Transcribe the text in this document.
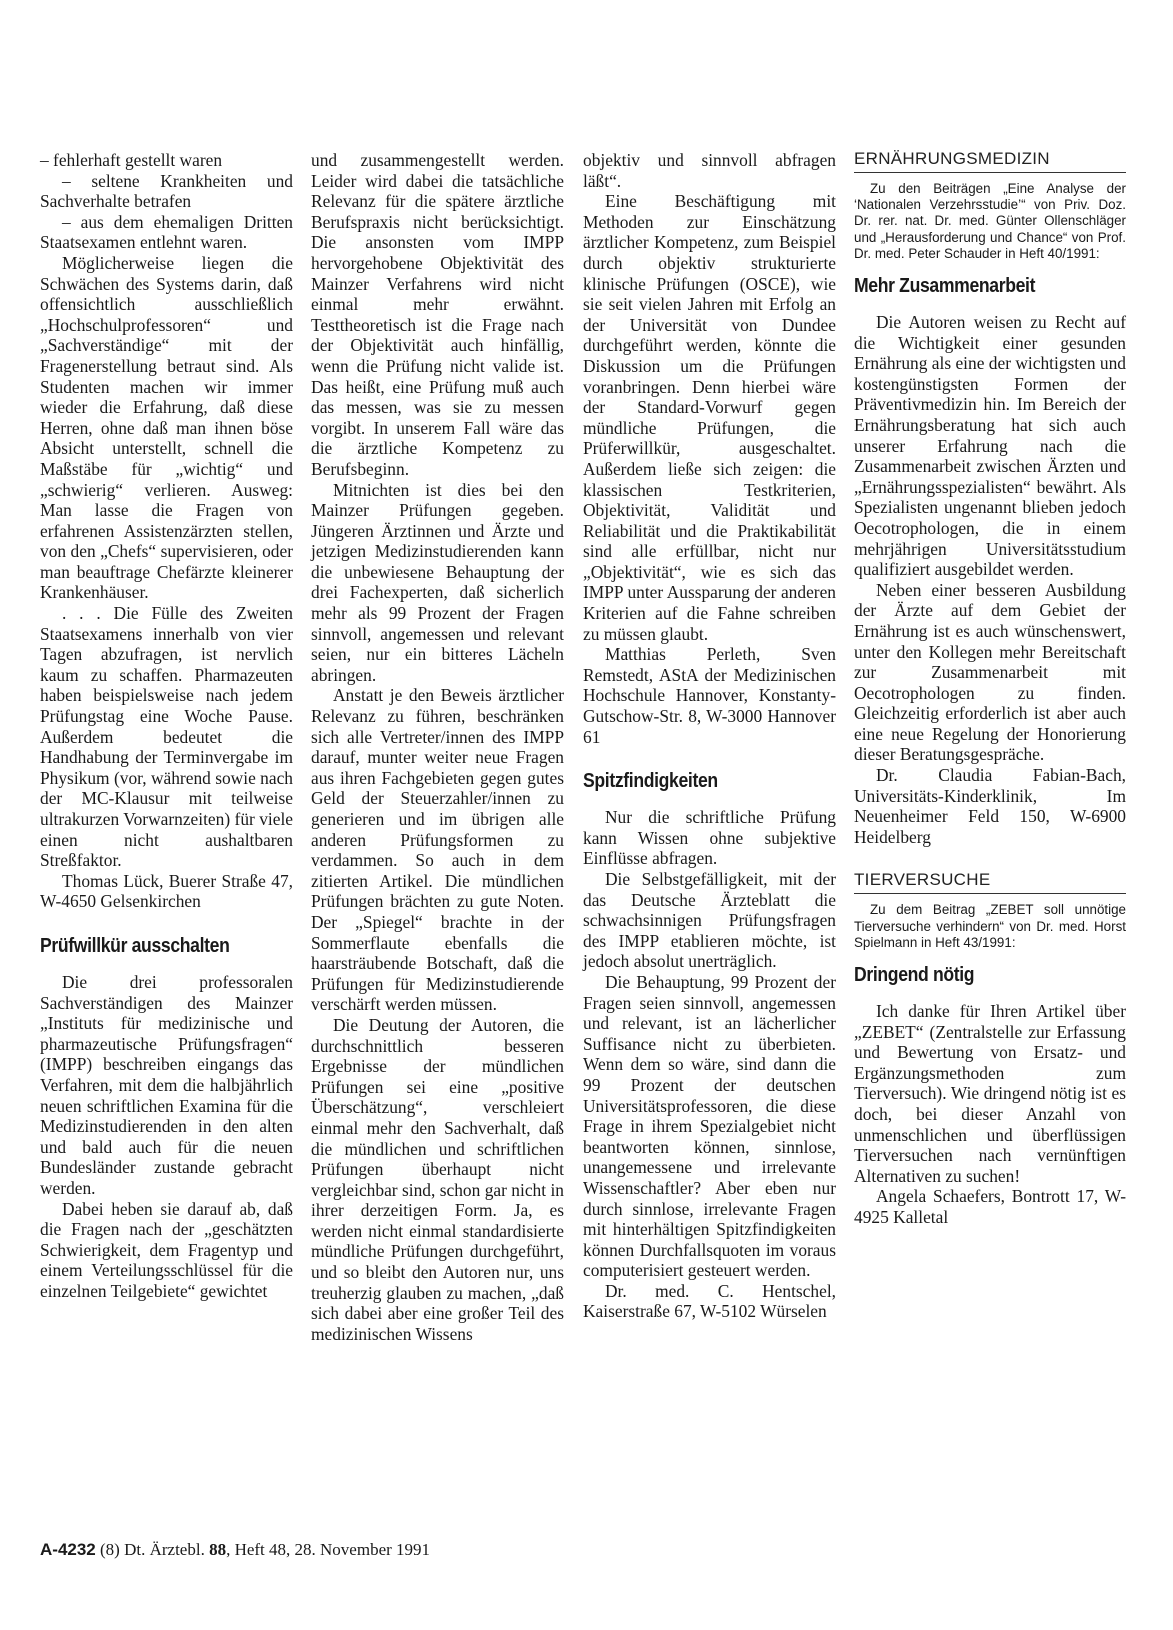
– fehlerhaft gestellt waren

– seltene Krankheiten und Sachverhalte betrafen

– aus dem ehemaligen Dritten Staatsexamen entlehnt waren.

Möglicherweise liegen die Schwächen des Systems darin, daß offensichtlich ausschließlich „Hochschulprofessoren“ und „Sachverständige“ mit der Fragenerstellung betraut sind. Als Studenten machen wir immer wieder die Erfahrung, daß diese Herren, ohne daß man ihnen böse Absicht unterstellt, schnell die Maßstäbe für „wichtig“ und „schwierig“ verlieren. Ausweg: Man lasse die Fragen von erfahrenen Assistenzärzten stellen, von den „Chefs“ supervisieren, oder man beauftrage Chefärzte kleinerer Krankenhäuser.

. . . Die Fülle des Zweiten Staatsexamens innerhalb von vier Tagen abzufragen, ist nervlich kaum zu schaffen. Pharmazeuten haben beispielsweise nach jedem Prüfungstag eine Woche Pause. Außerdem bedeutet die Handhabung der Terminvergabe im Physikum (vor, während sowie nach der MC-Klausur mit teilweise ultrakurzen Vorwarnzeiten) für viele einen nicht aushaltbaren Streßfaktor.

Thomas Lück, Buerer Straße 47, W-4650 Gelsenkirchen

Prüfwillkür ausschalten

Die drei professoralen Sachverständigen des Mainzer „Instituts für medizinische und pharmazeutische Prüfungsfragen“ (IMPP) beschreiben eingangs das Verfahren, mit dem die halbjährlich neuen schriftlichen Examina für die Medizinstudierenden in den alten und bald auch für die neuen Bundesländer zustande gebracht werden.

Dabei heben sie darauf ab, daß die Fragen nach der „geschätzten Schwierigkeit, dem Fragentyp und einem Verteilungsschlüssel für die einzelnen Teilgebiete“ gewichtet

und zusammengestellt werden. Leider wird dabei die tatsächliche Relevanz für die spätere ärztliche Berufspraxis nicht berücksichtigt. Die ansonsten vom IMPP hervorgehobene Objektivität des Mainzer Verfahrens wird nicht einmal mehr erwähnt. Testtheoretisch ist die Frage nach der Objektivität auch hinfällig, wenn die Prüfung nicht valide ist. Das heißt, eine Prüfung muß auch das messen, was sie zu messen vorgibt. In unserem Fall wäre das die ärztliche Kompetenz zu Berufsbeginn.

Mitnichten ist dies bei den Mainzer Prüfungen gegeben. Jüngeren Ärztinnen und Ärzte und jetzigen Medizinstudierenden kann die unbewiesene Behauptung der drei Fachexperten, daß sicherlich mehr als 99 Prozent der Fragen sinnvoll, angemessen und relevant seien, nur ein bitteres Lächeln abringen.

Anstatt je den Beweis ärztlicher Relevanz zu führen, beschränken sich alle Vertreter/innen des IMPP darauf, munter weiter neue Fragen aus ihren Fachgebieten gegen gutes Geld der Steuerzahler/innen zu generieren und im übrigen alle anderen Prüfungsformen zu verdammen. So auch in dem zitierten Artikel. Die mündlichen Prüfungen brächten zu gute Noten. Der „Spiegel“ brachte in der Sommerflaute ebenfalls die haarsträubende Botschaft, daß die Prüfungen für Medizinstudierende verschärft werden müssen.

Die Deutung der Autoren, die durchschnittlich besseren Ergebnisse der mündlichen Prüfungen sei eine „positive Überschätzung“, verschleiert einmal mehr den Sachverhalt, daß die mündlichen und schriftlichen Prüfungen überhaupt nicht vergleichbar sind, schon gar nicht in ihrer derzeitigen Form. Ja, es werden nicht einmal standardisierte mündliche Prüfungen durchgeführt, und so bleibt den Autoren nur, uns treuherzig glauben zu machen, „daß sich dabei aber eine großer Teil des medizinischen Wissens

objektiv und sinnvoll abfragen läßt“.

Eine Beschäftigung mit Methoden zur Einschätzung ärztlicher Kompetenz, zum Beispiel durch objektiv strukturierte klinische Prüfungen (OSCE), wie sie seit vielen Jahren mit Erfolg an der Universität von Dundee durchgeführt werden, könnte die Diskussion um die Prüfungen voranbringen. Denn hierbei wäre der Standard-Vorwurf gegen mündliche Prüfungen, die Prüferwillkür, ausgeschaltet. Außerdem ließe sich zeigen: die klassischen Testkriterien, Objektivität, Validität und Reliabilität und die Praktikabilität sind alle erfüllbar, nicht nur „Objektivität“, wie es sich das IMPP unter Aussparung der anderen Kriterien auf die Fahne schreiben zu müssen glaubt.

Matthias Perleth, Sven Remstedt, AStA der Medizinischen Hochschule Hannover, Konstanty-Gutschow-Str. 8, W-3000 Hannover 61

Spitzfindigkeiten

Nur die schriftliche Prüfung kann Wissen ohne subjektive Einflüsse abfragen.

Die Selbstgefälligkeit, mit der das Deutsche Ärzteblatt die schwachsinnigen Prüfungsfragen des IMPP etablieren möchte, ist jedoch absolut unerträglich.

Die Behauptung, 99 Prozent der Fragen seien sinnvoll, angemessen und relevant, ist an lächerlicher Suffisance nicht zu überbieten. Wenn dem so wäre, sind dann die 99 Prozent der deutschen Universitätsprofessoren, die diese Frage in ihrem Spezialgebiet nicht beantworten können, sinnlose, unangemessene und irrelevante Wissenschaftler? Aber eben nur durch sinnlose, irrelevante Fragen mit hinterhältigen Spitzfindigkeiten können Durchfallsquoten im voraus computerisiert gesteuert werden.

Dr. med. C. Hentschel, Kaiserstraße 67, W-5102 Würselen

ERNÄHRUNGSMEDIZIN

Zu den Beiträgen „Eine Analyse der ‘Nationalen Verzehrsstudie’“ von Priv. Doz. Dr. rer. nat. Dr. med. Günter Ollenschläger und „Herausforderung und Chance“ von Prof. Dr. med. Peter Schauder in Heft 40/1991:

Mehr Zusammenarbeit

Die Autoren weisen zu Recht auf die Wichtigkeit einer gesunden Ernährung als eine der wichtigsten und kostengünstigsten Formen der Präventivmedizin hin. Im Bereich der Ernährungsberatung hat sich auch unserer Erfahrung nach die Zusammenarbeit zwischen Ärzten und „Ernährungsspezialisten“ bewährt. Als Spezialisten ungenannt blieben jedoch Oecotrophologen, die in einem mehrjährigen Universitätsstudium qualifiziert ausgebildet werden.

Neben einer besseren Ausbildung der Ärzte auf dem Gebiet der Ernährung ist es auch wünschenswert, unter den Kollegen mehr Bereitschaft zur Zusammenarbeit mit Oecotrophologen zu finden. Gleichzeitig erforderlich ist aber auch eine neue Regelung der Honorierung dieser Beratungsgespräche.

Dr. Claudia Fabian-Bach, Universitäts-Kinderklinik, Im Neuenheimer Feld 150, W-6900 Heidelberg

TIERVERSUCHE

Zu dem Beitrag „ZEBET soll unnötige Tierversuche verhindern“ von Dr. med. Horst Spielmann in Heft 43/1991:

Dringend nötig

Ich danke für Ihren Artikel über „ZEBET“ (Zentralstelle zur Erfassung und Bewertung von Ersatz- und Ergänzungsmethoden zum Tierversuch). Wie dringend nötig ist es doch, bei dieser Anzahl von unmenschlichen und überflüssigen Tierversuchen nach vernünftigen Alternativen zu suchen!

Angela Schaefers, Bontrott 17, W-4925 Kalletal

A-4232 (8) Dt. Ärztebl. 88, Heft 48, 28. November 1991
